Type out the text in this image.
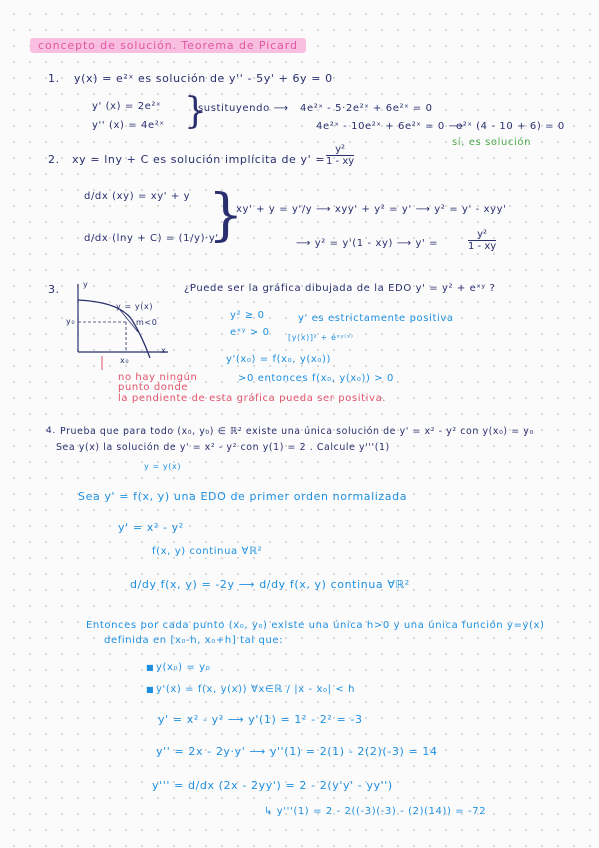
concepto de solución. Teorema de Picard
1. y(x) = e²ˣ es solución de y'' - 5y' + 6y = 0
y' (x) = 2e²ˣ
y'' (x) = 4e²ˣ }
sustituyendo ⟶ 4e²ˣ - 5·2e²ˣ + 6e²ˣ = 0
4e²ˣ - 10e²ˣ + 6e²ˣ = 0 ⟶
e²ˣ (4 - 10 + 6) = 0
sí, es solución
2. xy = lny + C es solución implícita de $y' = \frac{\text{y²}}{1 - xy}$
d/dx (xy) = xy' + y
d/dx (lny + C) = (1/y)·y'
}
xy' + y = y'/y ⟶ xyy' + y² = y' ⟶ y² = y' - xyy'
⟶ y² = y'(1 - xy) ⟶ y' =	$\frac{\text{y²}}{1 - xy}$
3.	¿Puede ser la gráfica dibujada de la EDO y' = y² + eˣʸ ?
y
x
y = y(x)
m<0
y₀
x₀
y² ≥ 0
eˣʸ > 0
y' es estrictamente positiva
[y(x)]² + eˣʸ⁽ˣ⁾
y'(x₀) = f(x₀, y(x₀))
>0 entonces f(x₀, y(x₀)) > 0
no hay ningún
punto donde
la pendiente de esta gráfica pueda ser positiva.
4. Prueba que para todo (x₀, y₀) ∈ ℝ² existe una única solución de y' = x² - y² con y(x₀) = y₀
Sea y(x) la solución de y' = x² - y² con y(1) = 2 . Calcule y'''(1)
y = y(x)
Sea y' = f(x, y) una EDO de primer orden normalizada
y' = x² - y²
f(x, y) continua ∀ℝ²
d/dy f(x, y) = -2y ⟶ d/dy f(x, y) continua ∀ℝ²
Entonces por cada punto (x₀, y₀) existe una única h>0 y una única función y=y(x)
definida en [x₀-h, x₀+h] tal que:
■ y(x₀) = y₀
■ y'(x) = f(x, y(x)) ∀x∈ℝ / |x - x₀| < h
y' = x² - y² ⟶ y'(1) = 1² - 2² = -3
y'' = 2x - 2y·y' ⟶ y''(1) = 2(1) - 2(2)(-3) = 14
y''' = d/dx (2x - 2yy') = 2 - 2(y'y' - yy'')
↳ y'''(1) = 2 - 2((-3)(-3) - (2)(14)) = -72
